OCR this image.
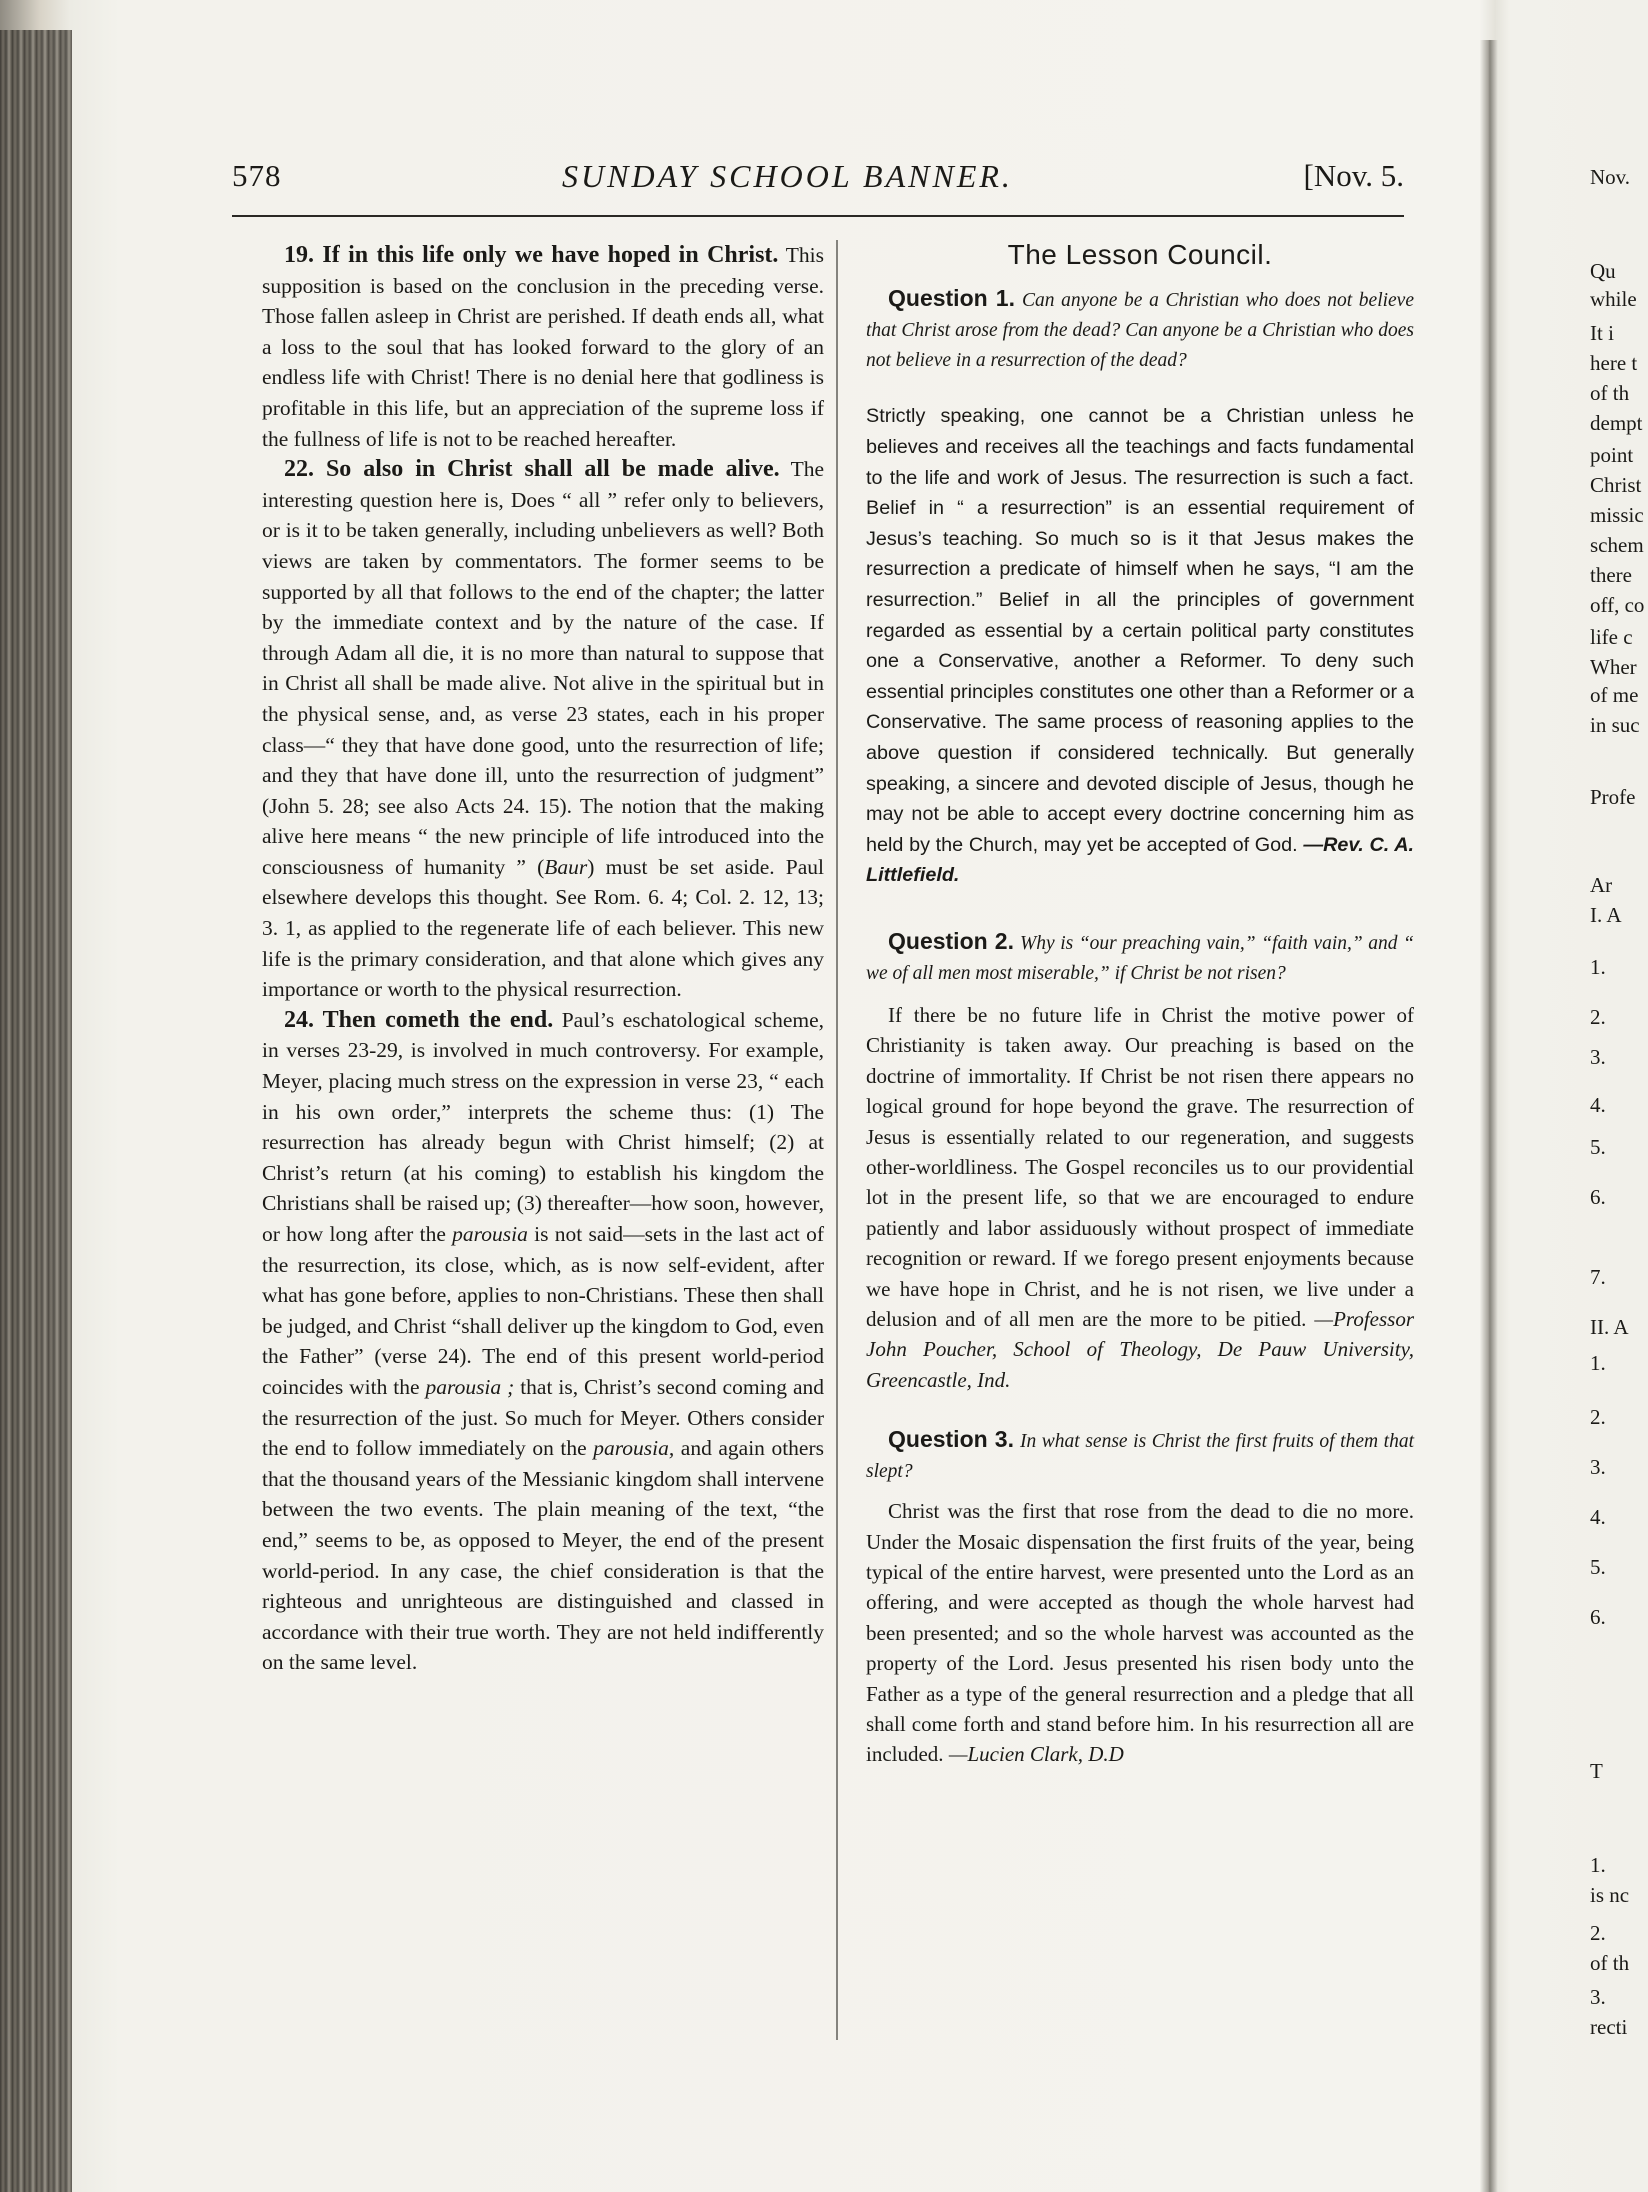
578	SUNDAY SCHOOL BANNER.	[Nov. 5.

19. If in this life only we have hoped in Christ. This supposition is based on the conclusion in the preceding verse. Those fallen asleep in Christ are perished. If death ends all, what a loss to the soul that has looked forward to the glory of an endless life with Christ! There is no denial here that godliness is profitable in this life, but an appreciation of the supreme loss if the fullness of life is not to be reached hereafter.

22. So also in Christ shall all be made alive. The interesting question here is, Does “ all ” refer only to believers, or is it to be taken generally, including unbelievers as well? Both views are taken by commentators. The former seems to be supported by all that follows to the end of the chapter; the latter by the immediate context and by the nature of the case. If through Adam all die, it is no more than natural to suppose that in Christ all shall be made alive. Not alive in the spiritual but in the physical sense, and, as verse 23 states, each in his proper class—“ they that have done good, unto the resurrection of life; and they that have done ill, unto the resurrection of judgment” (John 5. 28; see also Acts 24. 15). The notion that the making alive here means “ the new principle of life introduced into the consciousness of humanity ” (Baur) must be set aside. Paul elsewhere develops this thought. See Rom. 6. 4; Col. 2. 12, 13; 3. 1, as applied to the regenerate life of each believer. This new life is the primary consideration, and that alone which gives any importance or worth to the physical resurrection.

24. Then cometh the end. Paul’s eschatological scheme, in verses 23-29, is involved in much controversy. For example, Meyer, placing much stress on the expression in verse 23, “ each in his own order,” interprets the scheme thus: (1) The resurrection has already begun with Christ himself; (2) at Christ’s return (at his coming) to establish his kingdom the Christians shall be raised up; (3) thereafter—how soon, however, or how long after the parousia is not said—sets in the last act of the resurrection, its close, which, as is now self-evident, after what has gone before, applies to non-Christians. These then shall be judged, and Christ “shall deliver up the kingdom to God, even the Father” (verse 24). The end of this present world-period coincides with the parousia ; that is, Christ’s second coming and the resurrection of the just. So much for Meyer. Others consider the end to follow immediately on the parousia, and again others that the thousand years of the Messianic kingdom shall intervene between the two events. The plain meaning of the text, “the end,” seems to be, as opposed to Meyer, the end of the present world-period. In any case, the chief consideration is that the righteous and unrighteous are distinguished and classed in accordance with their true worth. They are not held indifferently on the same level.

The Lesson Council.

Question 1. Can anyone be a Christian who does not believe that Christ arose from the dead? Can anyone be a Christian who does not believe in a resurrection of the dead?

Strictly speaking, one cannot be a Christian unless he believes and receives all the teachings and facts fundamental to the life and work of Jesus. The resurrection is such a fact. Belief in “ a resurrection” is an essential requirement of Jesus’s teaching. So much so is it that Jesus makes the resurrection a predicate of himself when he says, “I am the resurrection.” Belief in all the principles of government regarded as essential by a certain political party constitutes one a Conservative, another a Reformer. To deny such essential principles constitutes one other than a Reformer or a Conservative. The same process of reasoning applies to the above question if considered technically. But generally speaking, a sincere and devoted disciple of Jesus, though he may not be able to accept every doctrine concerning him as held by the Church, may yet be accepted of God. —Rev. C. A. Littlefield.

Question 2. Why is “our preaching vain,” “faith vain,” and “ we of all men most miserable,” if Christ be not risen?

If there be no future life in Christ the motive power of Christianity is taken away. Our preaching is based on the doctrine of immortality. If Christ be not risen there appears no logical ground for hope beyond the grave. The resurrection of Jesus is essentially related to our regeneration, and suggests other-worldliness. The Gospel reconciles us to our providential lot in the present life, so that we are encouraged to endure patiently and labor assiduously without prospect of immediate recognition or reward. If we forego present enjoyments because we have hope in Christ, and he is not risen, we live under a delusion and of all men are the more to be pitied. —Professor John Poucher, School of Theology, De Pauw University, Greencastle, Ind.

Question 3. In what sense is Christ the first fruits of them that slept?

Christ was the first that rose from the dead to die no more. Under the Mosaic dispensation the first fruits of the year, being typical of the entire harvest, were presented unto the Lord as an offering, and were accepted as though the whole harvest had been presented; and so the whole harvest was accounted as the property of the Lord. Jesus presented his risen body unto the Father as a type of the general resurrection and a pledge that all shall come forth and stand before him. In his resurrection all are included. —Lucien Clark, D.D

Nov.
Qu
while
It i
here t
of th
dempt
point
Christ
missic
schem
there
off, co
life c
Wher
of me
in suc
Profe
Ar
I. A
1.
2.
3.
4.
5.
6.
7.
II. A
1.
2.
3.
4.
5.
6.
T
1.
is nc
2.
of th
3.
recti
